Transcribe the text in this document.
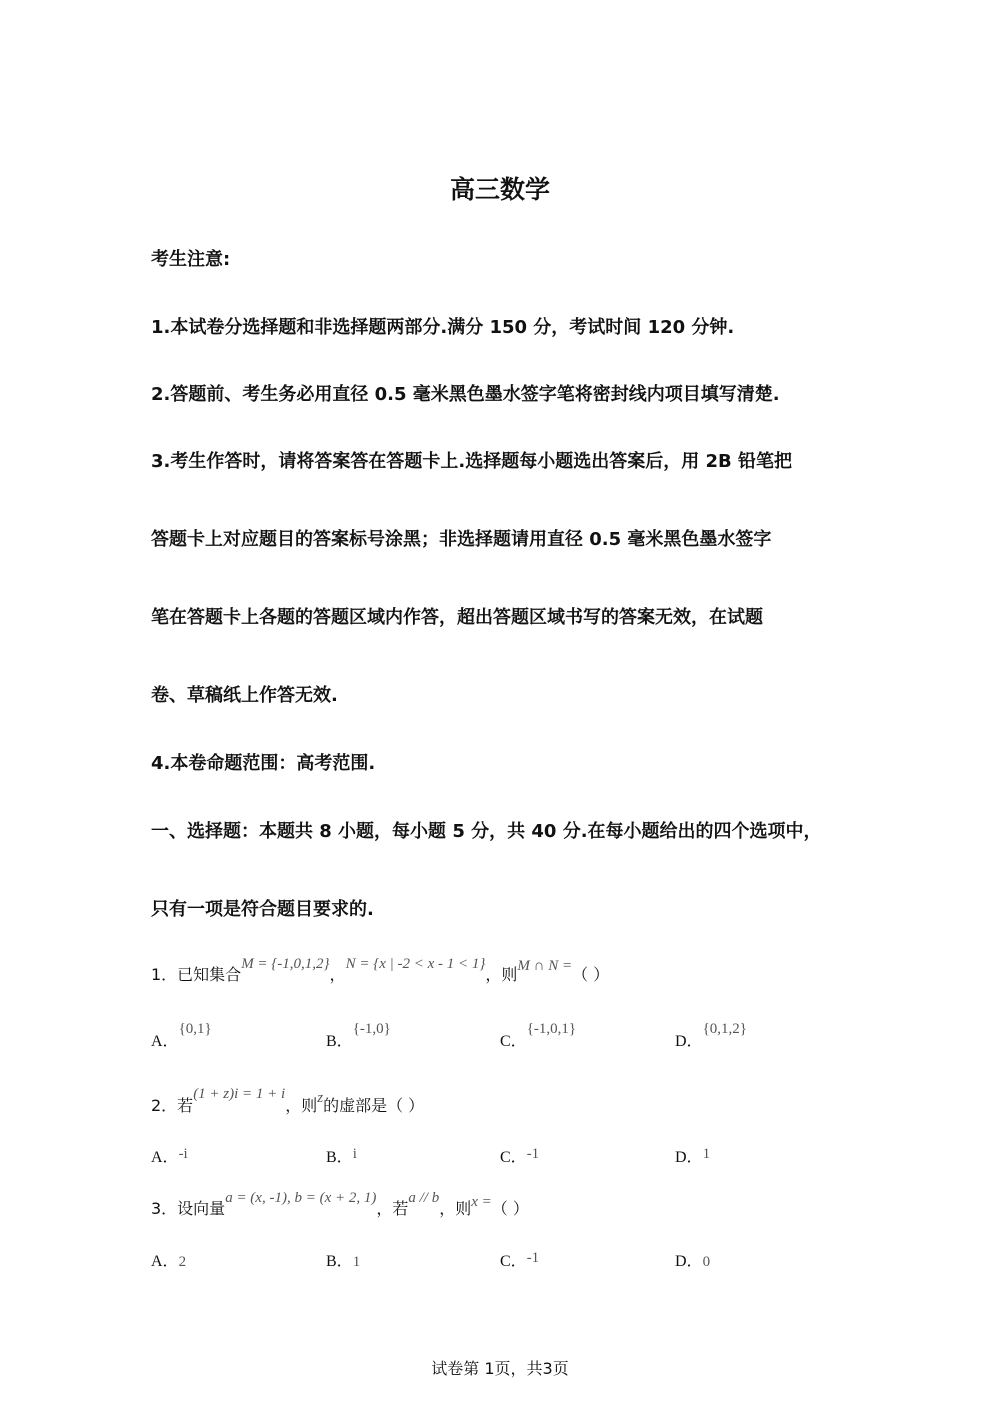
高三数学
考生注意:
1.本试卷分选择题和非选择题两部分.满分 150 分，考试时间 120 分钟.
2.答题前、考生务必用直径 0.5 毫米黑色墨水签字笔将密封线内项目填写清楚.
3.考生作答时，请将答案答在答题卡上.选择题每小题选出答案后，用 2B 铅笔把
答题卡上对应题目的答案标号涂黑；非选择题请用直径 0.5 毫米黑色墨水签字
笔在答题卡上各题的答题区域内作答，超出答题区域书写的答案无效，在试题
卷、草稿纸上作答无效.
4.本卷命题范围：高考范围.
一、选择题：本题共 8 小题，每小题 5 分，共 40 分.在每小题给出的四个选项中，
只有一项是符合题目要求的.
1．已知集合M = {-1,0,1,2}，N = {x | -2 < x - 1 < 1}，则M ∩ N =（ ）
A．{0,1}
B．{-1,0}
C．{-1,0,1}
D．{0,1,2}
2．若(1 + z)i = 1 + i，则z的虚部是（ ）
A．-i	B．i	C．-1	D．1
3．设向量a = (x, -1), b = (x + 2, 1)，若a // b，则x =（ ）
A．2	B．1	C．-1	D．0
试卷第 1页，共3页
